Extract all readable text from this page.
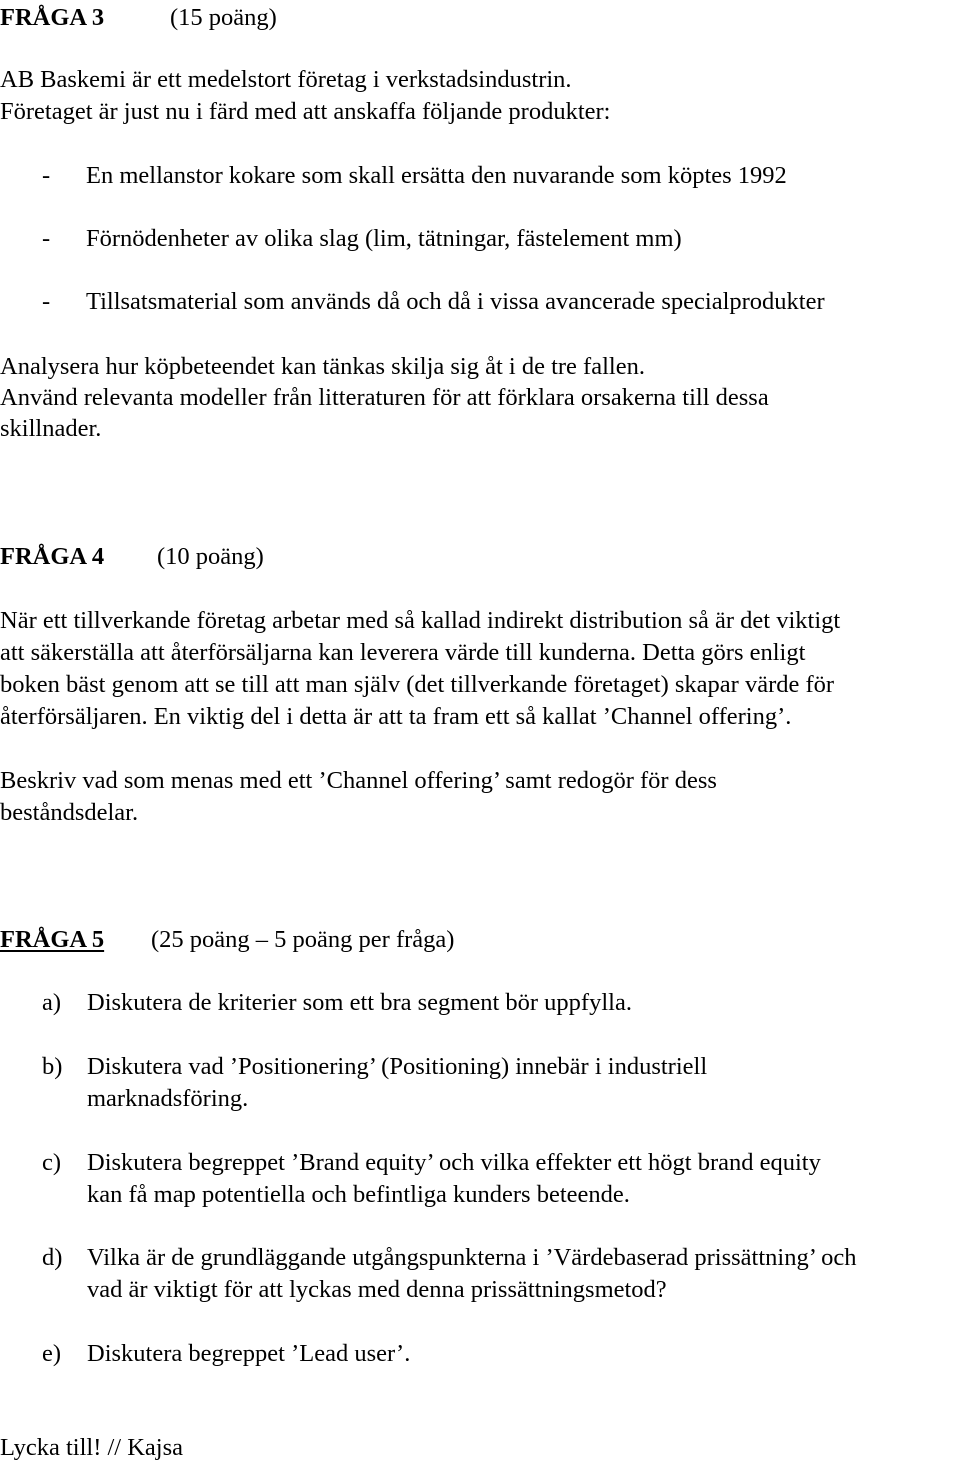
FRÅGA 3	(15 poäng)
AB Baskemi är ett medelstort företag i verkstadsindustrin.
Företaget är just nu i färd med att anskaffa följande produkter:
- En mellanstor kokare som skall ersätta den nuvarande som köptes 1992
- Förnödenheter av olika slag (lim, tätningar, fästelement mm)
- Tillsatsmaterial som används då och då i vissa avancerade specialprodukter
Analysera hur köpbeteendet kan tänkas skilja sig åt i de tre fallen.
Använd relevanta modeller från litteraturen för att förklara orsakerna till dessa
skillnader.
FRÅGA 4 (10 poäng)
När ett tillverkande företag arbetar med så kallad indirekt distribution så är det viktigt
att säkerställa att återförsäljarna kan leverera värde till kunderna. Detta görs enligt
boken bäst genom att se till att man själv (det tillverkande företaget) skapar värde för
återförsäljaren. En viktig del i detta är att ta fram ett så kallat ’Channel offering’.
Beskriv vad som menas med ett ’Channel offering’ samt redogör för dess
beståndsdelar.
FRÅGA 5 (25 poäng – 5 poäng per fråga)
a) Diskutera de kriterier som ett bra segment bör uppfylla.
b) Diskutera vad ’Positionering’ (Positioning) innebär i industriell
marknadsföring.
c) Diskutera begreppet ’Brand equity’ och vilka effekter ett högt brand equity
kan få map potentiella och befintliga kunders beteende.
d) Vilka är de grundläggande utgångspunkterna i ’Värdebaserad prissättning’ och
vad är viktigt för att lyckas med denna prissättningsmetod?
e) Diskutera begreppet ’Lead user’.
Lycka till! // Kajsa
